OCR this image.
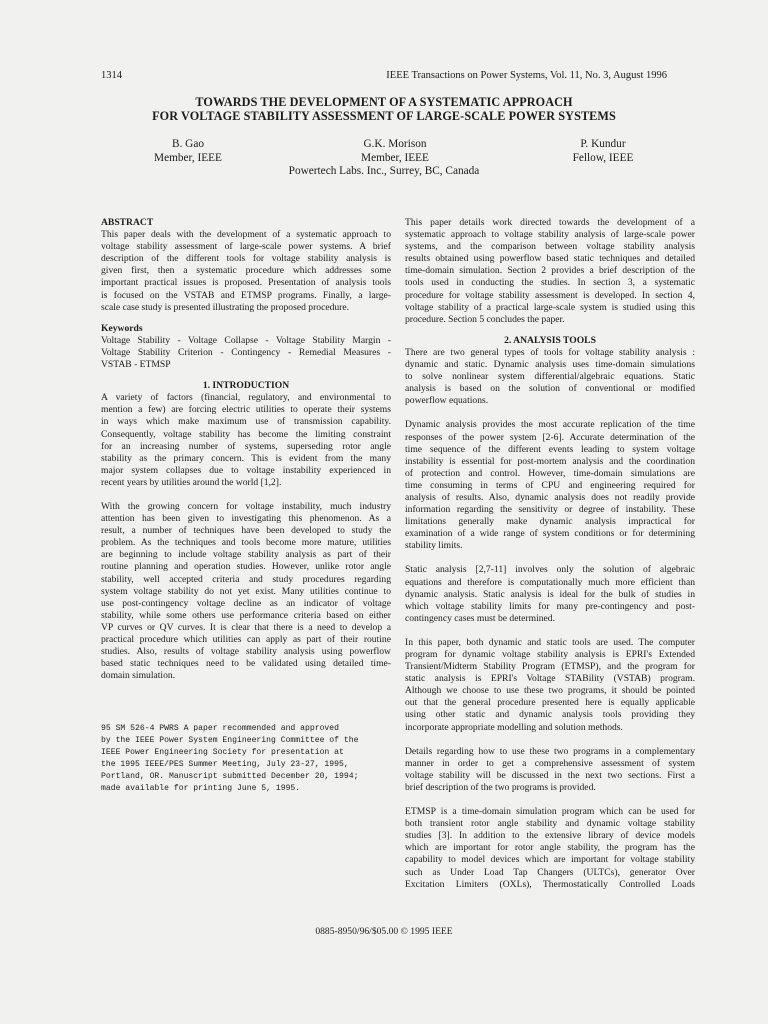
1314	IEEE Transactions on Power Systems, Vol. 11, No. 3, August 1996
TOWARDS THE DEVELOPMENT OF A SYSTEMATIC APPROACH
FOR VOLTAGE STABILITY ASSESSMENT OF LARGE-SCALE POWER SYSTEMS
B. Gao
Member, IEEE
G.K. Morison
Member, IEEE
P. Kundur
Fellow, IEEE
Powertech Labs. Inc., Surrey, BC, Canada
ABSTRACT
This paper deals with the development of a systematic approach to
voltage stability assessment of large-scale power systems. A brief
description of the different tools for voltage stability analysis is
given first, then a systematic procedure which addresses some
important practical issues is proposed. Presentation of analysis tools
is focused on the VSTAB and ETMSP programs. Finally, a large-
scale case study is presented illustrating the proposed procedure.
Keywords
Voltage Stability - Voltage Collapse - Voltage Stability Margin -
Voltage Stability Criterion - Contingency - Remedial Measures -
VSTAB - ETMSP
1. INTRODUCTION
A variety of factors (financial, regulatory, and environmental to
mention a few) are forcing electric utilities to operate their systems
in ways which make maximum use of transmission capability.
Consequently, voltage stability has become the limiting constraint
for an increasing number of systems, superseding rotor angle
stability as the primary concern. This is evident from the many
major system collapses due to voltage instability experienced in
recent years by utilities around the world [1,2].
With the growing concern for voltage instability, much industry
attention has been given to investigating this phenomenon. As a
result, a number of techniques have been developed to study the
problem. As the techniques and tools become more mature, utilities
are beginning to include voltage stability analysis as part of their
routine planning and operation studies. However, unlike rotor angle
stability, well accepted criteria and study procedures regarding
system voltage stability do not yet exist. Many utilities continue to
use post-contingency voltage decline as an indicator of voltage
stability, while some others use performance criteria based on either
VP curves or QV curves. It is clear that there is a need to develop a
practical procedure which utilities can apply as part of their routine
studies. Also, results of voltage stability analysis using powerflow
based static techniques need to be validated using detailed time-
domain simulation.
95 SM 526-4 PWRS A paper recommended and approved
by the IEEE Power System Engineering Committee of the
IEEE Power Engineering Society for presentation at
the 1995 IEEE/PES Summer Meeting, July 23-27, 1995,
Portland, OR. Manuscript submitted December 20, 1994;
made available for printing June 5, 1995.
This paper details work directed towards the development of a
systematic approach to voltage stability analysis of large-scale power
systems, and the comparison between voltage stability analysis
results obtained using powerflow based static techniques and detailed
time-domain simulation. Section 2 provides a brief description of the
tools used in conducting the studies. In section 3, a systematic
procedure for voltage stability assessment is developed. In section 4,
voltage stability of a practical large-scale system is studied using this
procedure. Section 5 concludes the paper.
2. ANALYSIS TOOLS
There are two general types of tools for voltage stability analysis :
dynamic and static. Dynamic analysis uses time-domain simulations
to solve nonlinear system differential/algebraic equations. Static
analysis is based on the solution of conventional or modified
powerflow equations.
Dynamic analysis provides the most accurate replication of the time
responses of the power system [2-6]. Accurate determination of the
time sequence of the different events leading to system voltage
instability is essential for post-mortem analysis and the coordination
of protection and control. However, time-domain simulations are
time consuming in terms of CPU and engineering required for
analysis of results. Also, dynamic analysis does not readily provide
information regarding the sensitivity or degree of instability. These
limitations generally make dynamic analysis impractical for
examination of a wide range of system conditions or for determining
stability limits.
Static analysis [2,7-11] involves only the solution of algebraic
equations and therefore is computationally much more efficient than
dynamic analysis. Static analysis is ideal for the bulk of studies in
which voltage stability limits for many pre-contingency and post-
contingency cases must be determined.
In this paper, both dynamic and static tools are used. The computer
program for dynamic voltage stability analysis is EPRI's Extended
Transient/Midterm Stability Program (ETMSP), and the program for
static analysis is EPRI's Voltage STABility (VSTAB) program.
Although we choose to use these two programs, it should be pointed
out that the general procedure presented here is equally applicable
using other static and dynamic analysis tools providing they
incorporate appropriate modelling and solution methods.
Details regarding how to use these two programs in a complementary
manner in order to get a comprehensive assessment of system
voltage stability will be discussed in the next two sections. First a
brief description of the two programs is provided.
ETMSP is a time-domain simulation program which can be used for
both transient rotor angle stability and dynamic voltage stability
studies [3]. In addition to the extensive library of device models
which are important for rotor angle stability, the program has the
capability to model devices which are important for voltage stability
such as Under Load Tap Changers (ULTCs), generator Over
Excitation Limiters (OXLs), Thermostatically Controlled Loads
0885-8950/96/$05.00 © 1995 IEEE
